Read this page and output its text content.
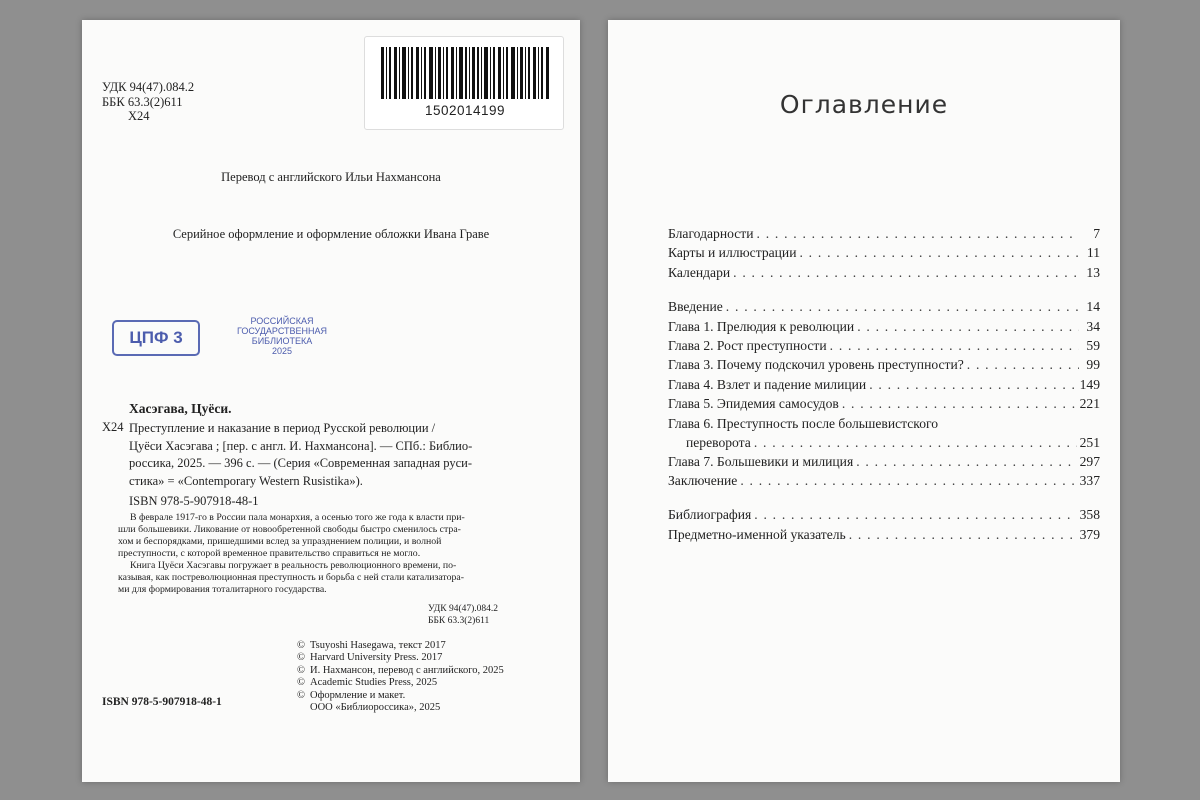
УДК 94(47).084.2
ББК 63.3(2)611
Х24	1502014199
Перевод с английского Ильи Нахмансона
Серийное оформление и оформление обложки Ивана Граве
ЦПФ 3
РОССИЙСКАЯ
ГОСУДАРСТВЕННАЯ
БИБЛИОТЕКА
2025
Хасэгава, Цуёси.
Х24 Преступление и наказание в период Русской революции /
Цуёси Хасэгава ; [пер. с англ. И. Нахмансона]. — СПб.: Библио-
россика, 2025. — 396 с. — (Серия «Современная западная руси-
стика» = «Contemporary Western Rusistika»).
ISBN 978-5-907918-48-1

В феврале 1917-го в России пала монархия, а осенью того же года к власти при-

шли большевики. Ликование от новообретенной свободы быстро сменилось стра-

хом и беспорядками, пришедшими вслед за упразднением полиции, и волной

преступности, с которой временное правительство справиться не могло.

Книга Цуёси Хасэгавы погружает в реальность революционного времени, по-

казывая, как постреволюционная преступность и борьба с ней стали катализатора-

ми для формирования тоталитарного государства.

УДК 94(47).084.2
ББК 63.3(2)611
© Tsuyoshi Hasegawa, текст 2017
© Harvard University Press. 2017
© И. Нахмансон, перевод с английского, 2025
© Academic Studies Press, 2025
© Оформление и макет.
ООО «Библиороссика», 2025
ISBN 978-5-907918-48-1
Оглавление
Благодарности . . .	7
Карты и иллюстрации . . .	11
Календари . . .	13
Введение . . .	14
Глава 1. Прелюдия к революции . . .	34
Глава 2. Рост преступности . . .	59
Глава 3. Почему подскочил уровень преступности? . . .	99
Глава 4. Взлет и падение милиции . . .	149
Глава 5. Эпидемия самосудов . . .	221
Глава 6. Преступность после большевистского
переворота . . .	251
Глава 7. Большевики и милиция . . .	297
Заключение . . .	337
Библиография . . .	358
Предметно-именной указатель . . .	379
